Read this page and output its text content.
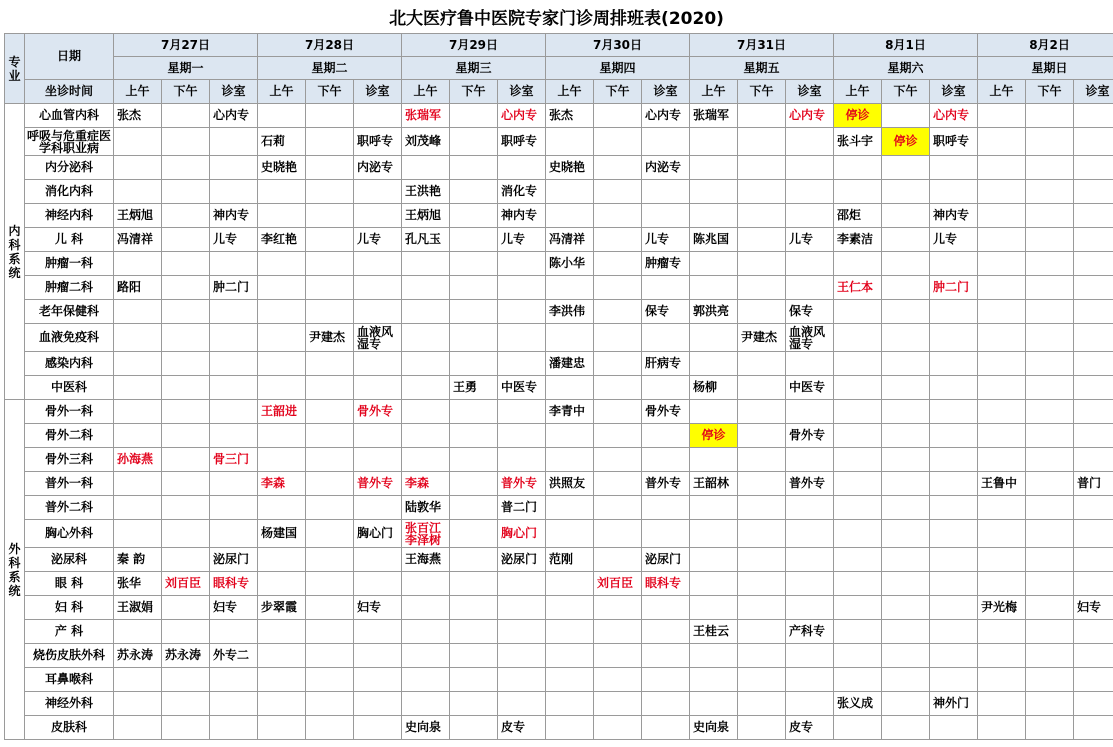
北大医疗鲁中医院专家门诊周排班表(2020)
专
业	日期	7月27日			7月28日			7月29日			7月30日			7月31日			8月1日			8月2日		
		星期一			星期二			星期三			星期四			星期五			星期六			星期日		
	坐诊时间	上午	下午	诊室	上午	下午	诊室	上午	下午	诊室	上午	下午	诊室	上午	下午	诊室	上午	下午	诊室	上午	下午	诊室
内
科
系
统	心血管内科	张杰		心内专				张瑞军		心内专	张杰		心内专	张瑞军		心内专	停诊		心内专			
	呼吸与危重症医学科职业病				石莉		职呼专	刘茂峰		职呼专							张斗宇	停诊	职呼专			
	内分泌科				史晓艳		内泌专				史晓艳		内泌专									
	消化内科							王洪艳		消化专												
	神经内科	王炳旭		神内专				王炳旭		神内专							邵炬		神内专			
	儿 科	冯清祥		儿专	李红艳		儿专	孔凡玉		儿专	冯清祥		儿专	陈兆国		儿专	李素洁		儿专			
	肿瘤一科										陈小华		肿瘤专									
	肿瘤二科	路阳		肿二门													王仁本		肿二门			
	老年保健科										李洪伟		保专	郭洪亮		保专						
	血液免疫科					尹建杰	血液风湿专								尹建杰	血液风湿专						
	感染内科										潘建忠		肝病专									
	中医科								王勇	中医专				杨柳		中医专						
外
科
系
统	骨外一科				王韶进		骨外专				李青中		骨外专									
	骨外二科													停诊		骨外专						
	骨外三科	孙海燕		骨三门																		
	普外一科				李森		普外专	李森		普外专	洪照友		普外专	王韶林		普外专				王鲁中		普门
	普外二科							陆敦华		普二门												
	胸心外科				杨建国		胸心门	张百江 李泽树		胸心门												
	泌尿科	秦 韵		泌尿门				王海燕		泌尿门	范刚		泌尿门									
	眼 科	张华	刘百臣	眼科专								刘百臣	眼科专									
	妇 科	王淑娟		妇专	步翠霞		妇专													尹光梅		妇专
	产 科													王桂云		产科专						
	烧伤皮肤外科	苏永涛	苏永涛	外专二																		
	耳鼻喉科																					
	神经外科																张义成		神外门			
	皮肤科							史向泉		皮专				史向泉		皮专						
